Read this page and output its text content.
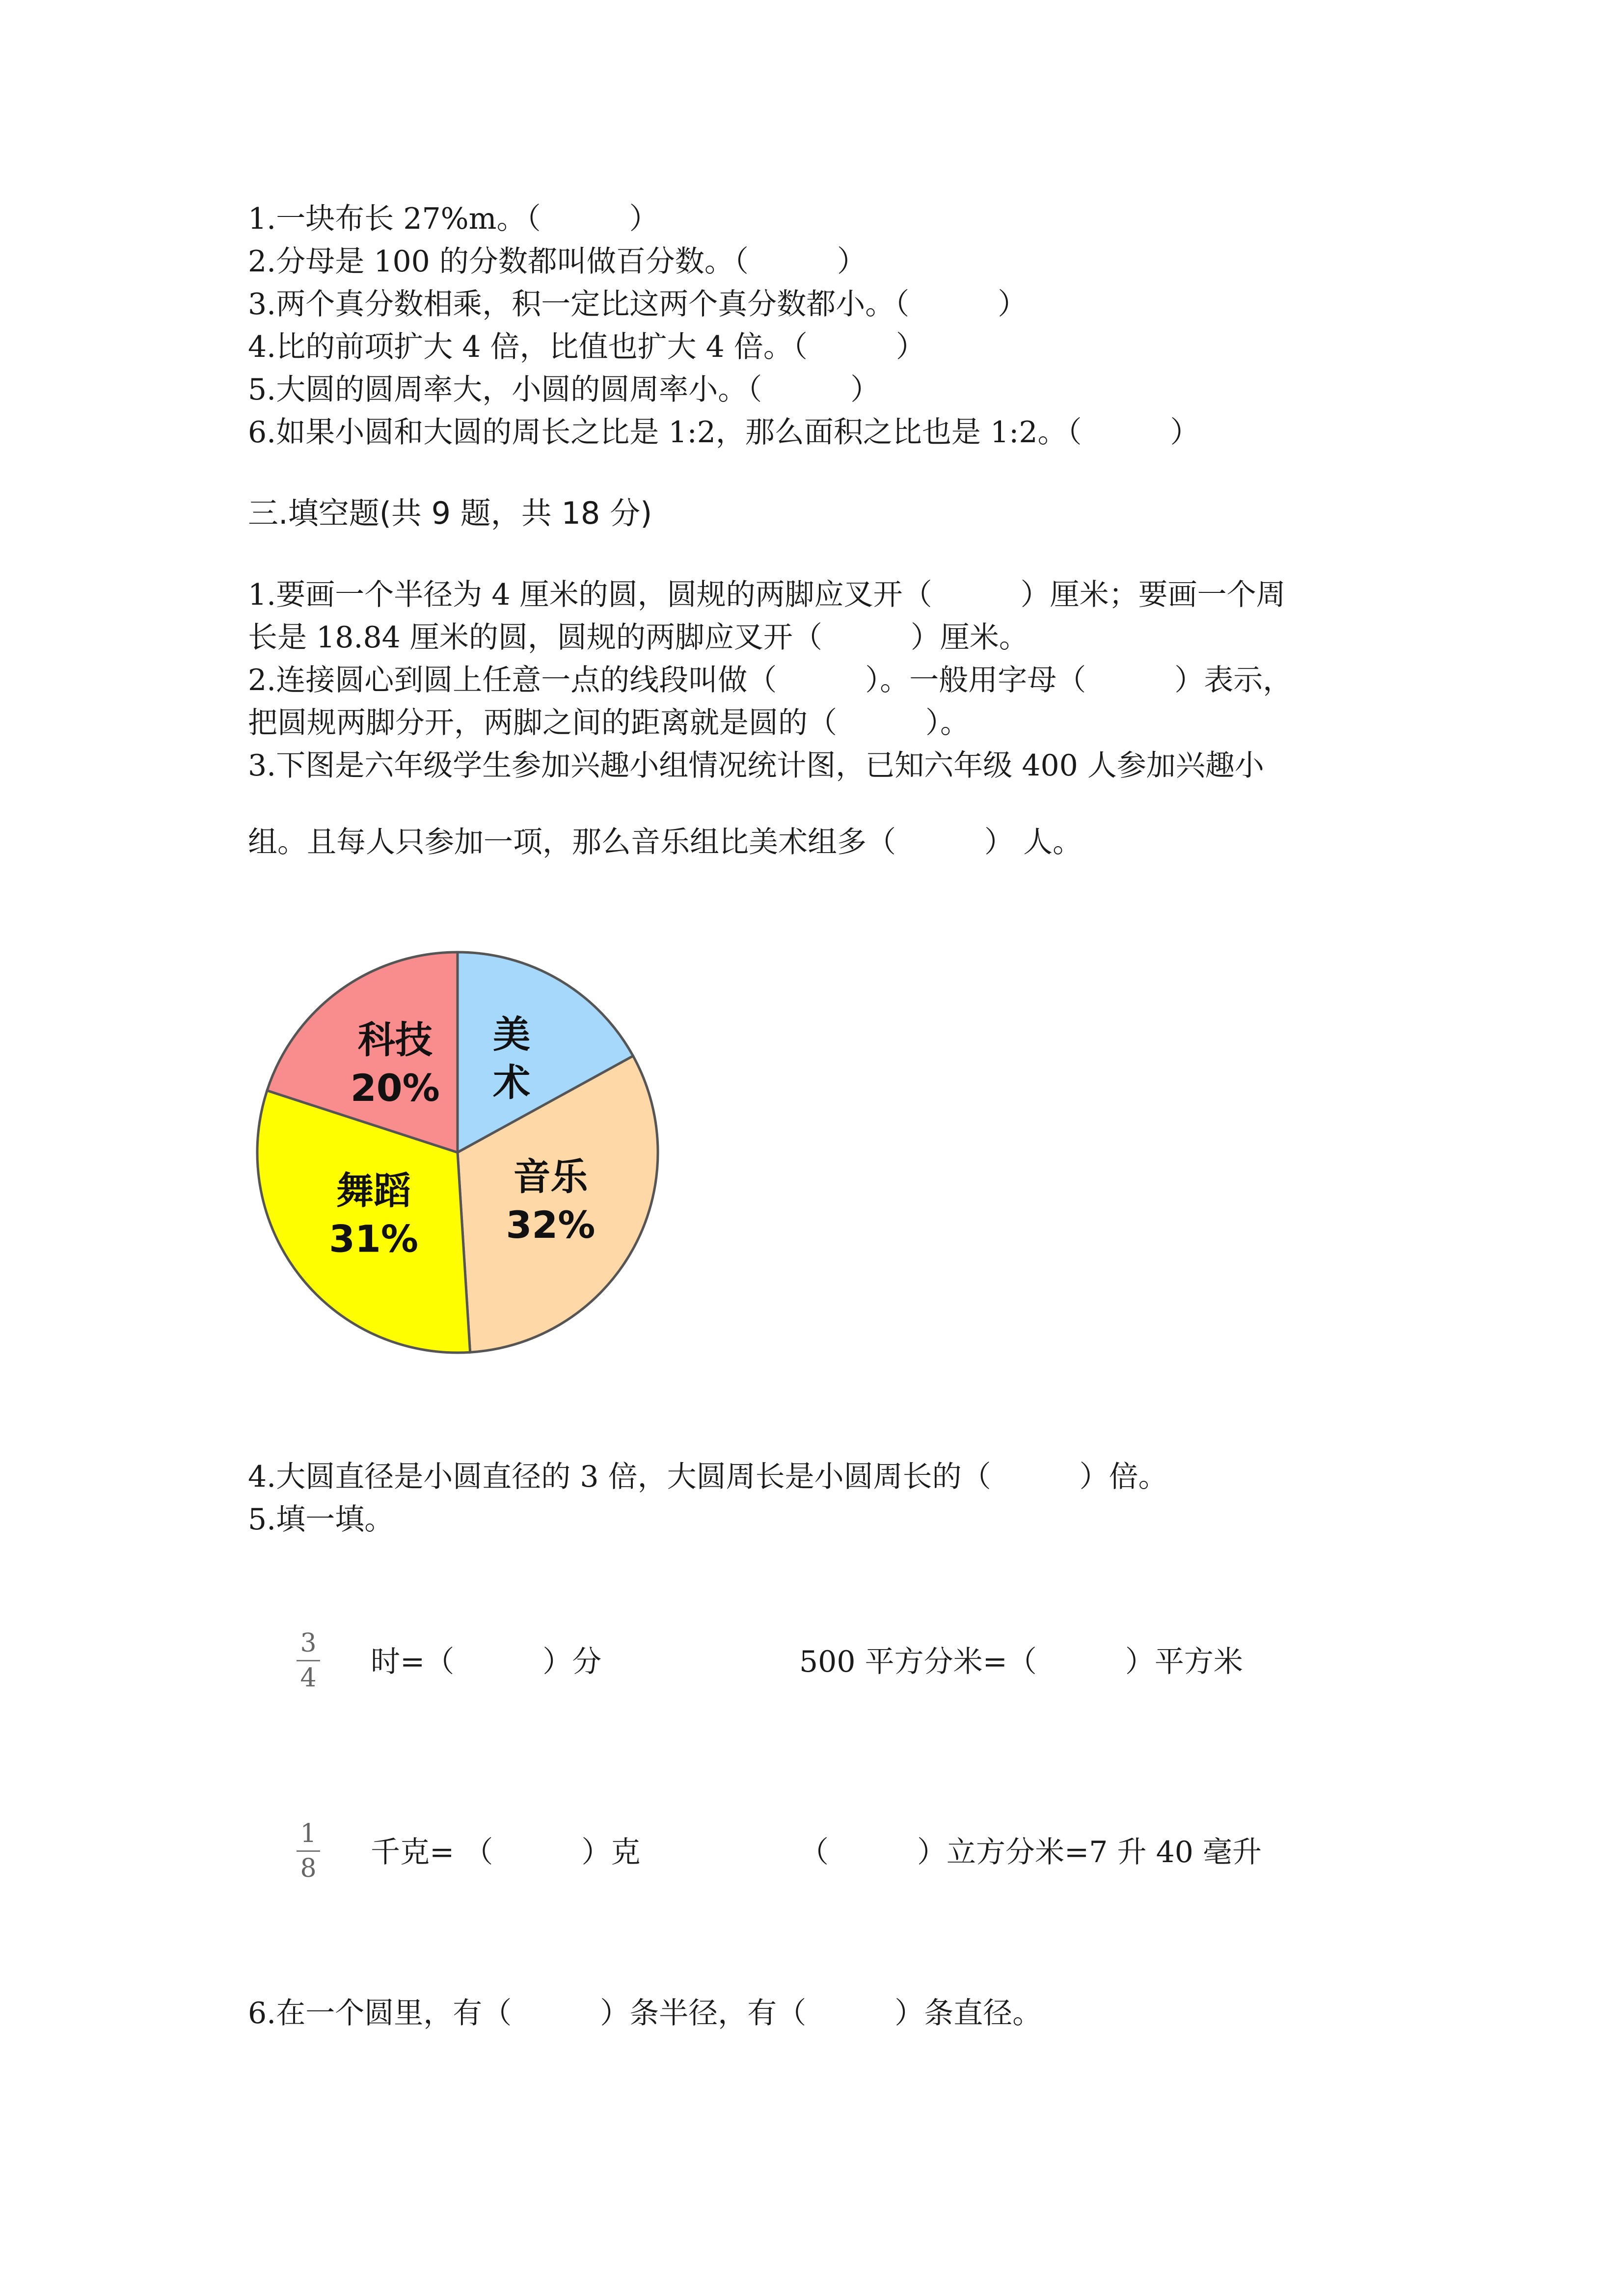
1.一块布长 27%m。（　　　）
2.分母是 100 的分数都叫做百分数。（　　　）
3.两个真分数相乘，积一定比这两个真分数都小。（　　　）
4.比的前项扩大 4 倍，比值也扩大 4 倍。（　　　）
5.大圆的圆周率大，小圆的圆周率小。（　　　）
6.如果小圆和大圆的周长之比是 1:2，那么面积之比也是 1:2。（　　　）
三.填空题(共 9 题，共 18 分)
1.要画一个半径为 4 厘米的圆，圆规的两脚应叉开（　　　）厘米；要画一个周
长是 18.84 厘米的圆，圆规的两脚应叉开（　　　）厘米。
2.连接圆心到圆上任意一点的线段叫做（　　　）。一般用字母（　　　）表示，
把圆规两脚分开，两脚之间的距离就是圆的（　　　）。
3.下图是六年级学生参加兴趣小组情况统计图，已知六年级 400 人参加兴趣小
组。且每人只参加一项，那么音乐组比美术组多（　　　） 人。
美
术
音乐
32%
舞蹈
31%
科技
20%
4.大圆直径是小圆直径的 3 倍，大圆周长是小圆周长的（　　　）倍。
5.填一填。
3
4 时=（　　　）分	500 平方分米=（　　　）平方米
1
8 千克= （　　　）克	（　　　）立方分米=7 升 40 毫升
6.在一个圆里，有（　　　）条半径，有（　　　）条直径。
